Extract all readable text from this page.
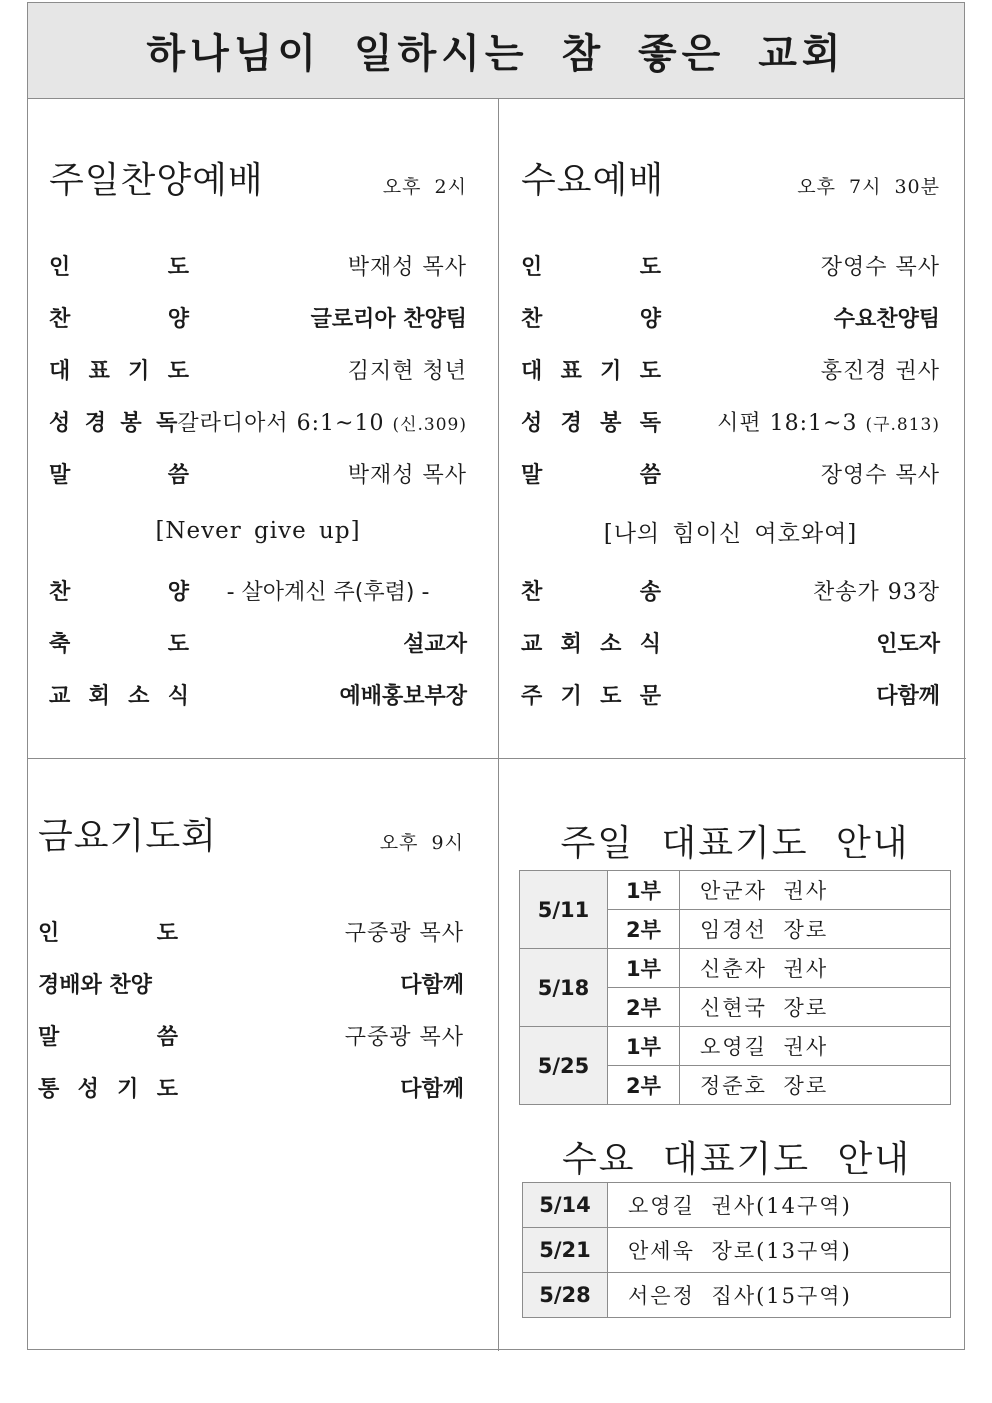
하나님이 일하시는 참 좋은 교회
주일찬양예배	오후 2시
인	도	박재성 목사
찬	양	글로리아 찬양팀
대 표 기 도	김지현 청년
성 경 봉 독 갈라디아서 6:1~10 (신.309)
말	씀	박재성 목사
[Never give up]
찬	양	- 살아계신 주(후렴) -
축	도	설교자
교 회 소 식	예배홍보부장
수요예배	오후 7시 30분
인	도	장영수 목사
찬	양	수요찬양팀
대 표 기 도	홍진경 권사
성 경 봉 독	시편 18:1~3 (구.813)
말	씀	장영수 목사
[나의 힘이신 여호와여]
찬	송	찬송가 93장
교 회 소 식	인도자
주 기 도 문	다함께
금요기도회	오후 9시
인	도	구중광 목사
경배와 찬양	다함께
말	씀	구중광 목사
통 성 기 도	다함께
주일 대표기도 안내
5/11	1부	안군자 권사
	2부	임경선 장로
5/18	1부	신춘자 권사
	2부	신현국 장로
5/25	1부	오영길 권사
	2부	정준호 장로
수요 대표기도 안내
5/14	오영길 권사(14구역)
5/21	안세욱 장로(13구역)
5/28	서은정 집사(15구역)
